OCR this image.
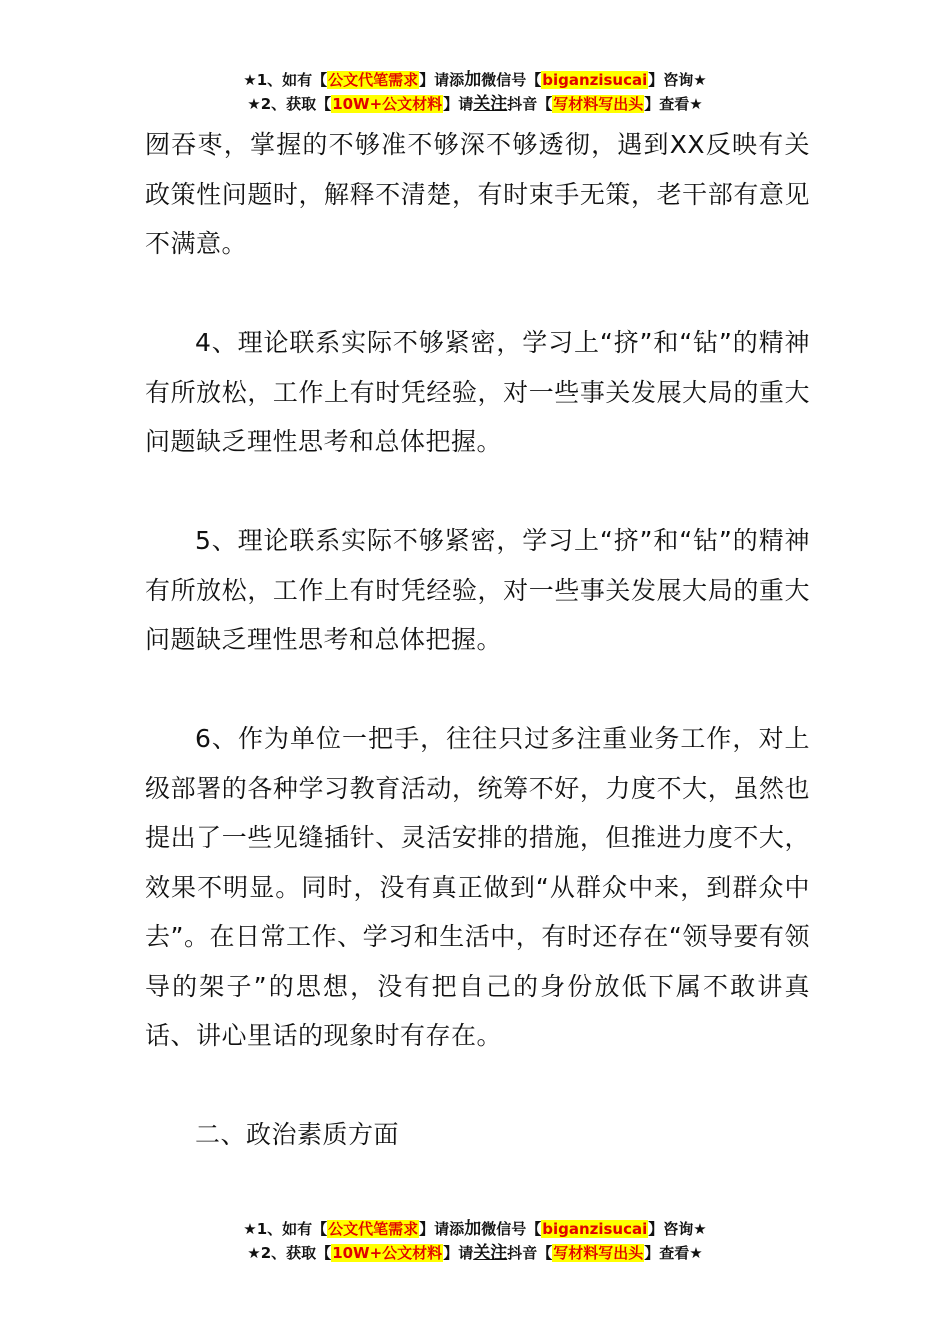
★1、如有【公文代笔需求】请添加微信号【biganzisucai】咨询★
★2、获取【10W+公文材料】请关注抖音【写材料写出头】查看★

囫吞枣，掌握的不够准不够深不够透彻，遇到XX反映有关政策性问题时，解释不清楚，有时束手无策，老干部有意见不满意。

4、理论联系实际不够紧密，学习上“挤”和“钻”的精神有所放松，工作上有时凭经验，对一些事关发展大局的重大问题缺乏理性思考和总体把握。

5、理论联系实际不够紧密，学习上“挤”和“钻”的精神有所放松，工作上有时凭经验，对一些事关发展大局的重大问题缺乏理性思考和总体把握。

6、作为单位一把手，往往只过多注重业务工作，对上级部署的各种学习教育活动，统筹不好，力度不大，虽然也提出了一些见缝插针、灵活安排的措施，但推进力度不大，效果不明显。同时，没有真正做到“从群众中来，到群众中去”。在日常工作、学习和生活中，有时还存在“领导要有领导的架子”的思想，没有把自己的身份放低下属不敢讲真话、讲心里话的现象时有存在。

二、政治素质方面

★1、如有【公文代笔需求】请添加微信号【biganzisucai】咨询★
★2、获取【10W+公文材料】请关注抖音【写材料写出头】查看★
